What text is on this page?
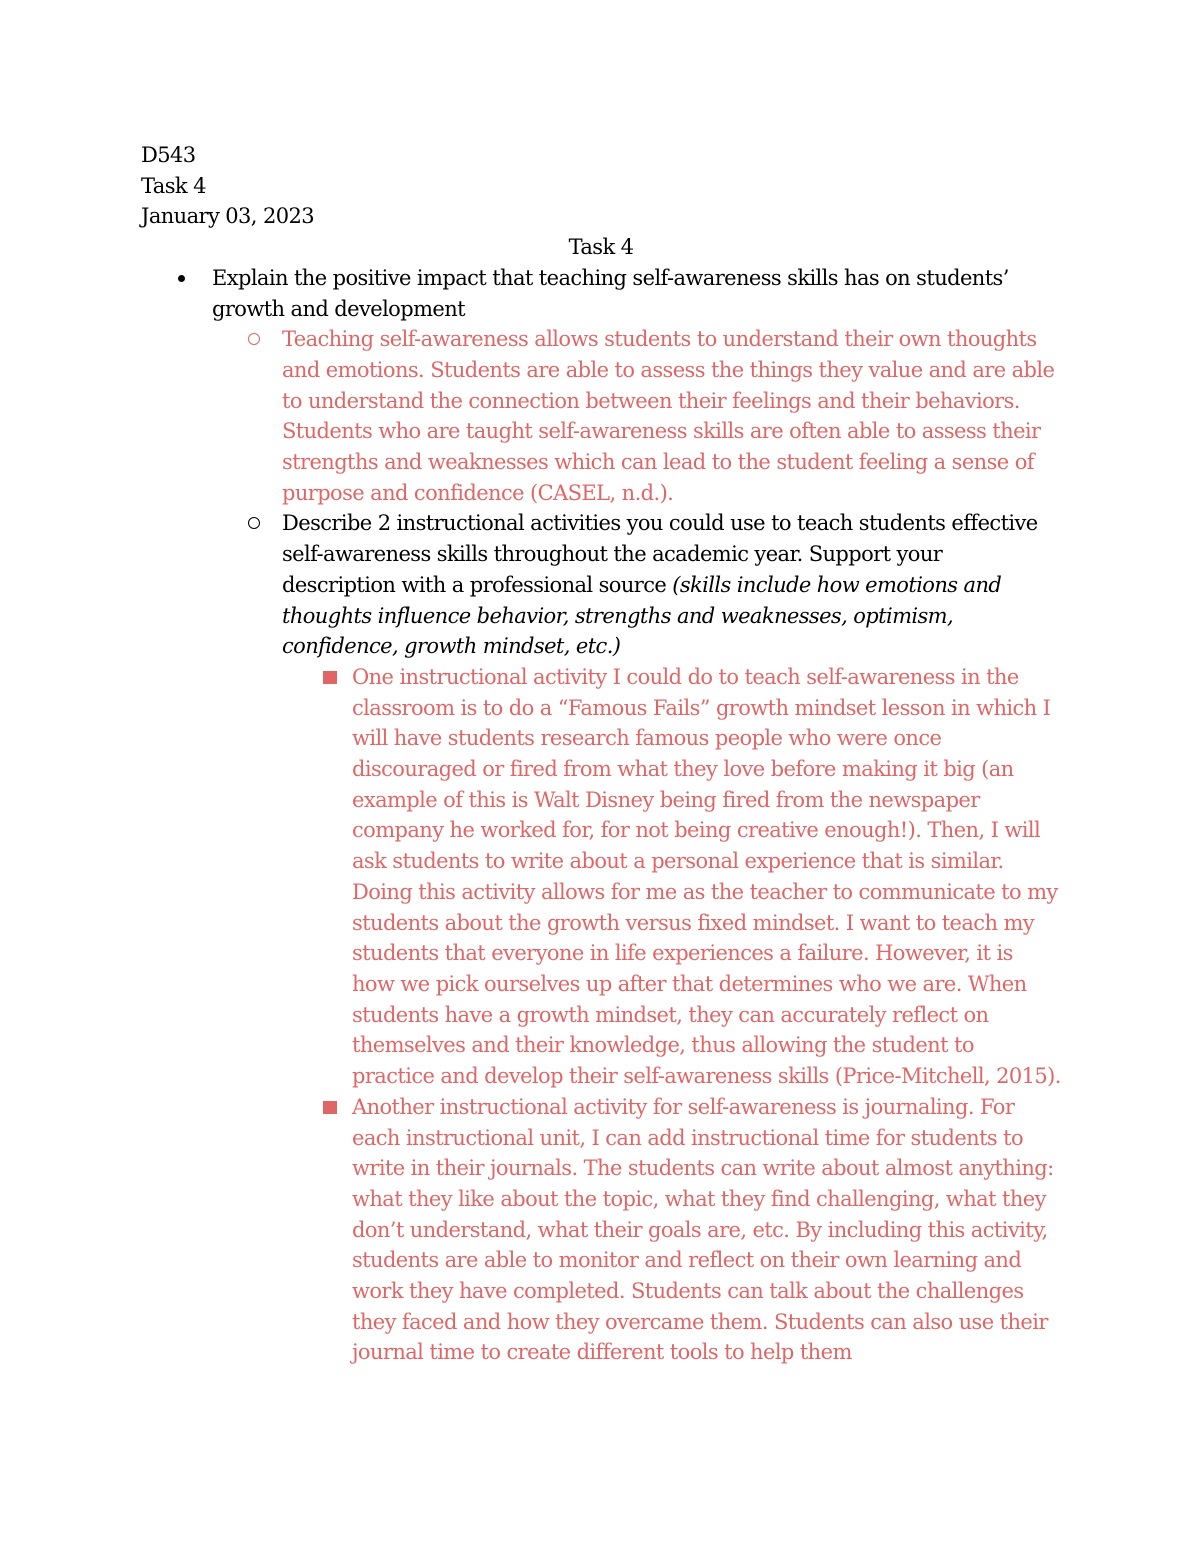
D543
Task 4
January 03, 2023
Task 4
Explain the positive impact that teaching self-awareness skills has on students’ growth and development
Teaching self-awareness allows students to understand their own thoughts and emotions. Students are able to assess the things they value and are able to understand the connection between their feelings and their behaviors. Students who are taught self-awareness skills are often able to assess their strengths and weaknesses which can lead to the student feeling a sense of purpose and confidence (CASEL, n.d.).
Describe 2 instructional activities you could use to teach students effective self-awareness skills throughout the academic year. Support your description with a professional source (skills include how emotions and thoughts influence behavior, strengths and weaknesses, optimism, confidence, growth mindset, etc.)
One instructional activity I could do to teach self-awareness in the classroom is to do a “Famous Fails” growth mindset lesson in which I will have students research famous people who were once discouraged or fired from what they love before making it big (an example of this is Walt Disney being fired from the newspaper company he worked for, for not being creative enough!). Then, I will ask students to write about a personal experience that is similar. Doing this activity allows for me as the teacher to communicate to my students about the growth versus fixed mindset. I want to teach my students that everyone in life experiences a failure. However, it is how we pick ourselves up after that determines who we are. When students have a growth mindset, they can accurately reflect on themselves and their knowledge, thus allowing the student to practice and develop their self-awareness skills (Price-Mitchell, 2015).
Another instructional activity for self-awareness is journaling. For each instructional unit, I can add instructional time for students to write in their journals. The students can write about almost anything: what they like about the topic, what they find challenging, what they don’t understand, what their goals are, etc. By including this activity, students are able to monitor and reflect on their own learning and work they have completed. Students can talk about the challenges they faced and how they overcame them. Students can also use their journal time to create different tools to help them
